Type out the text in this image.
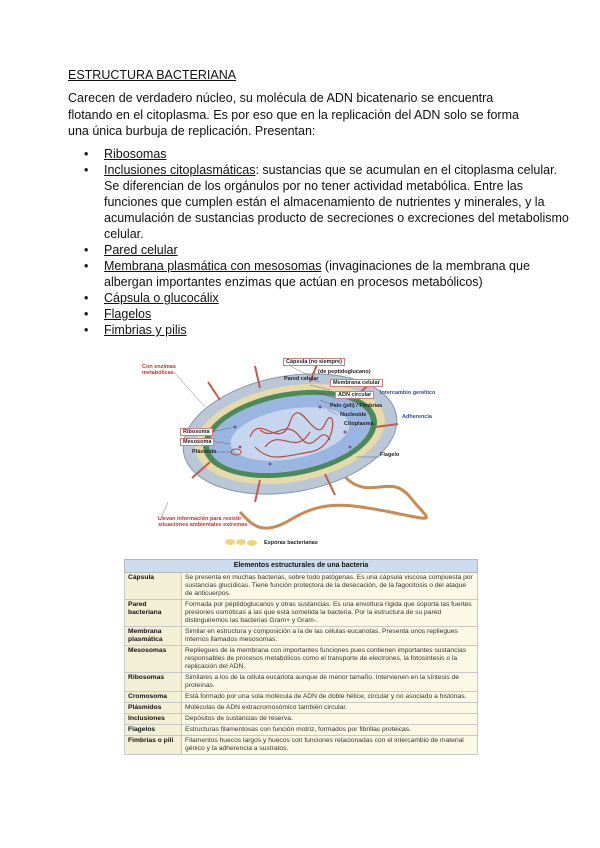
ESTRUCTURA BACTERIANA
Carecen de verdadero núcleo, su molécula de ADN bicatenario se encuentra flotando en el citoplasma. Es por eso que en la replicación del ADN solo se forma una única burbuja de replicación. Presentan:
• Ribosomas
• Inclusiones citoplasmáticas: sustancias que se acumulan en el citoplasma celular. Se diferencian de los orgánulos por no tener actividad metabólica. Entre las funciones que cumplen están el almacenamiento de nutrientes y minerales, y la acumulación de sustancias producto de secreciones o excreciones del metabolismo celular.
• Pared celular
• Membrana plasmática con mesosomas (invaginaciones de la membrana que albergan importantes enzimas que actúan en procesos metabólicos)
• Cápsula o glucocálix
• Flagelos
• Fimbrias y pilis
Con enzimas metabólicas
Cápsula (no siempre)
(de peptidoglucano)
Pared celular
Membrana celular
ADN circular	Intercambio genético
Pelo (pili) / Fimbrias
Nucleoide
Citoplasma
Adherencia
Ribosoma
Mesosoma
Plásmido	Flagelo
Llevan información para resistir situaciones ambientales extremas
Esporas bacterianas
Elementos estructurales de una bacteria	
Cápsula	Se presenta en muchas bacterias, sobre todo patógenas. Es una cápsula viscosa compuesta por sustancias glucídicas. Tiene función protectora de la desecación, de la fagocitosis o del ataque de anticuerpos.
Pared bacteriana	Formada por péptidoglucanos y otras sustancias. Es una envoltura rígida que soporta las fuertes presiones osmóticas a las que está sometida la bacteria. Por la estructura de su pared distinguiremos las bacterias Gram+ y Gram-.
Membrana plasmática	Similar en estructura y composición a la de las células eucariotas. Presenta unos repliegues internos llamados mesosomas.
Mesosomas	Repliegues de la membrana con importantes funciones pues contienen importantes sustancias responsables de procesos metabólicos como el transporte de electrones, la fotosíntesis o la replicación del ADN.
Ribosomas	Similares a los de la célula eucariota aunque de menor tamaño. Intervienen en la síntesis de proteínas.
Cromosoma	Está formado por una sola molécula de ADN de doble hélice, circular y no asociado a histonas.
Plásmidos	Moléculas de ADN extracromosómico también circular.
Inclusiones	Depósitos de sustancias de reserva.
Flagelos	Estructuras filamentosas con función motriz, formados por fibrillas proteicas.
Fimbrias o pili	Filamentos huecos largos y huecos con funciones relacionadas con el intercambio de material génico y la adherencia a sustratos.
